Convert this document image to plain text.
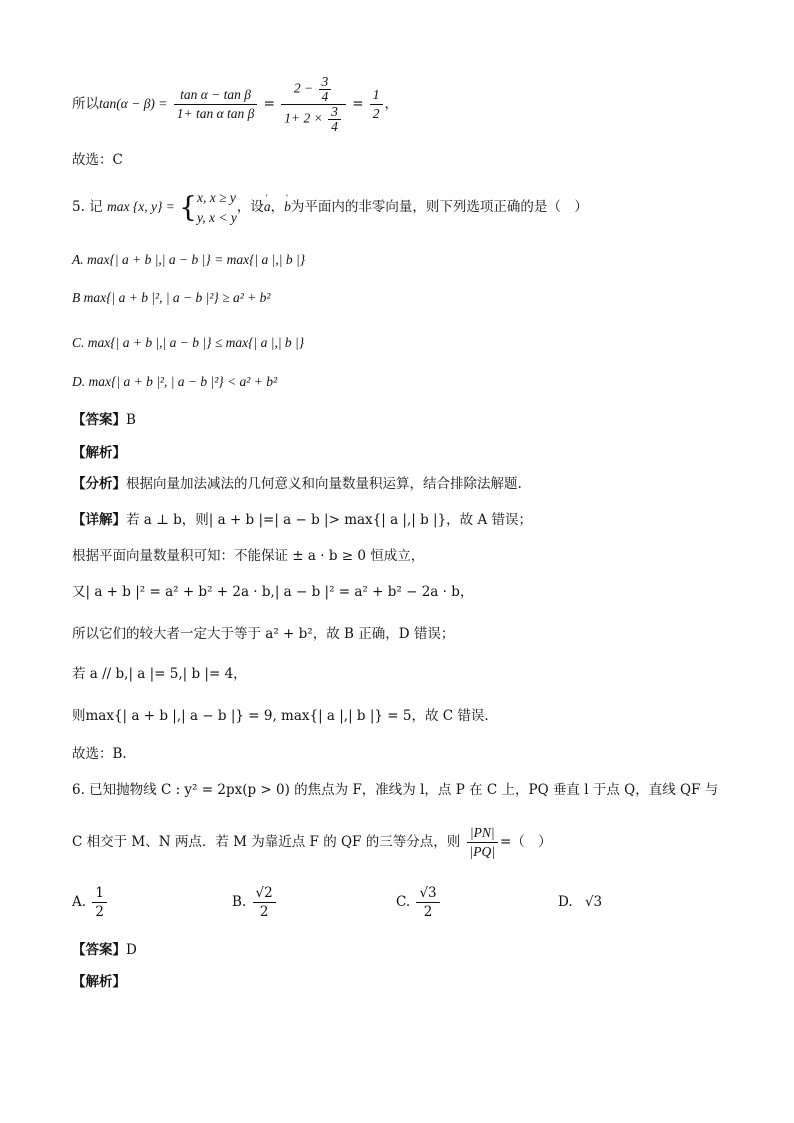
所以$\tan(\alpha - \beta) = \frac{\text{tan α − tan β}}{\text{1+ tan α tan β}} = \frac{2 - \frac{3}{4}}{1+ 2 \times \frac{3}{4}} = \frac{1}{2}$ ，
故选：C
5. 记 max {x, y} = { x, x ≥ y
y, x < y
，设' a，' b为平面内的非零向量，则下列选项正确的是（　）
A. max{| a + b |,| a − b |} = max{| a |,| b |}
B max{| a + b |², | a − b |²} ≥ a² + b²
C. max{| a + b |,| a − b |} ≤ max{| a |,| b |}
D. max{| a + b |², | a − b |²} < a² + b²
【答案】B
【解析】
【分析】根据向量加法减法的几何意义和向量数量积运算，结合排除法解题.
【详解】若 a ⊥ b，则| a + b |=| a − b |> max{| a |,| b |}，故 A 错误；
根据平面向量数量积可知：不能保证 ± a · b ≥ 0 恒成立，
又| a + b |² = a² + b² + 2a · b,| a − b |² = a² + b² − 2a · b，
所以它们的较大者一定大于等于 a² + b²，故 B 正确，D 错误；
若 a // b,| a |= 5,| b |= 4，
则max{| a + b |,| a − b |} = 9, max{| a |,| b |} = 5，故 C 错误.
故选：B.
6. 已知抛物线 C : y² = 2px(p > 0) 的焦点为 F，准线为 l，点 P 在 C 上，PQ 垂直 l 于点 Q，直线 QF 与
C 相交于 M、N 两点．若 M 为靠近点 F 的 QF 的三等分点，则 $\frac{|PN|}{|PQ|}$ =（　）
A. $\frac{1}{2}$	B. $\frac{√2}{2}$	C. $\frac{√3}{2}$	D. √3
【答案】D
【解析】
